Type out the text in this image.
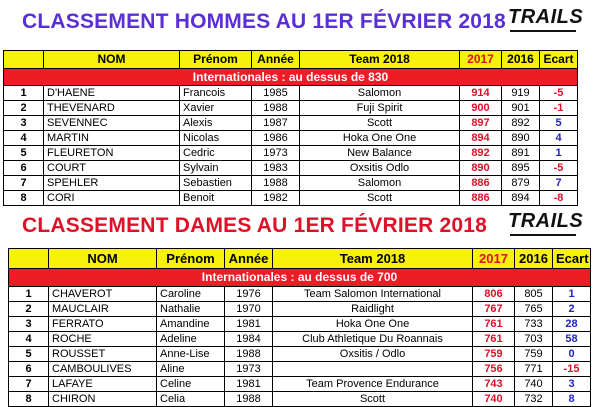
CLASSEMENT HOMMES AU 1ER FÉVRIER 2018 TRAILS
	NOM	Prénom	Année	Team 2018	2017	2016	Ecart
Internationales : au dessus de 830							
1	D'HAENE	Francois	1985	Salomon	914	919	-5
2	THEVENARD	Xavier	1988	Fuji Spirit	900	901	-1
3	SEVENNEC	Alexis	1987	Scott	897	892	5
4	MARTIN	Nicolas	1986	Hoka One One	894	890	4
5	FLEURETON	Cedric	1973	New Balance	892	891	1
6	COURT	Sylvain	1983	Oxsitis Odlo	890	895	-5
7	SPEHLER	Sebastien	1988	Salomon	886	879	7
8	CORI	Benoit	1982	Scott	886	894	-8
CLASSEMENT DAMES AU 1ER FÉVRIER 2018 TRAILS
	NOM	Prénom	Année	Team 2018	2017	2016	Ecart
Internationales : au dessus de 700							
1	CHAVEROT	Caroline	1976	Team Salomon International	806	805	1
2	MAUCLAIR	Nathalie	1970	Raidlight	767	765	2
3	FERRATO	Amandine	1981	Hoka One One	761	733	28
4	ROCHE	Adeline	1984	Club Athletique Du Roannais	761	703	58
5	ROUSSET	Anne-Lise	1988	Oxsitis / Odlo	759	759	0
6	CAMBOULIVES	Aline	1973		756	771	-15
7	LAFAYE	Celine	1981	Team Provence Endurance	743	740	3
8	CHIRON	Celia	1988	Scott	740	732	8
